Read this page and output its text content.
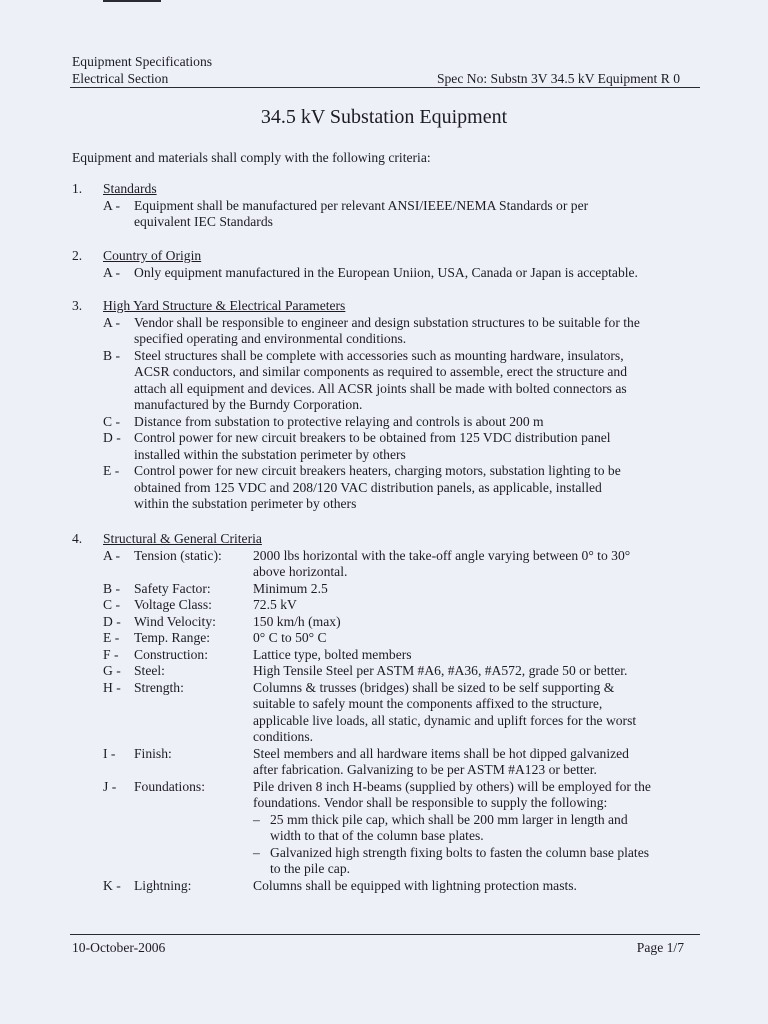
Equipment Specifications
Electrical Section	Spec No: Substn 3V 34.5 kV Equipment R 0
34.5 kV Substation Equipment
Equipment and materials shall comply with the following criteria:
1. Standards
A - Equipment shall be manufactured per relevant ANSI/IEEE/NEMA Standards or per
equivalent IEC Standards
2. Country of Origin
A - Only equipment manufactured in the European Uniion, USA, Canada or Japan is acceptable.
3. High Yard Structure & Electrical Parameters
A - Vendor shall be responsible to engineer and design substation structures to be suitable for the
specified operating and environmental conditions.
B - Steel structures shall be complete with accessories such as mounting hardware, insulators,
ACSR conductors, and similar components as required to assemble, erect the structure and
attach all equipment and devices. All ACSR joints shall be made with bolted connectors as
manufactured by the Burndy Corporation.
C - Distance from substation to protective relaying and controls is about 200 m
D - Control power for new circuit breakers to be obtained from 125 VDC distribution panel
installed within the substation perimeter by others
E - Control power for new circuit breakers heaters, charging motors, substation lighting to be
obtained from 125 VDC and 208/120 VAC distribution panels, as applicable, installed
within the substation perimeter by others
4. Structural & General Criteria
A - Tension (static): 2000 lbs horizontal with the take-off angle varying between 0° to 30°
above horizontal.
B - Safety Factor:	Minimum 2.5
C - Voltage Class:	72.5 kV
D - Wind Velocity:	150 km/h (max)
E - Temp. Range:	0° C to 50° C
F - Construction:	Lattice type, bolted members
G - Steel:	High Tensile Steel per ASTM #A6, #A36, #A572, grade 50 or better.
H - Strength:	Columns & trusses (bridges) shall be sized to be self supporting &
suitable to safely mount the components affixed to the structure,
applicable live loads, all static, dynamic and uplift forces for the worst
conditions.
I - Finish:	Steel members and all hardware items shall be hot dipped galvanized
after fabrication. Galvanizing to be per ASTM #A123 or better.
J - Foundations:	Pile driven 8 inch H-beams (supplied by others) will be employed for the
foundations. Vendor shall be responsible to supply the following:
– 25 mm thick pile cap, which shall be 200 mm larger in length and
width to that of the column base plates.
– Galvanized high strength fixing bolts to fasten the column base plates
to the pile cap.
K - Lightning:	Columns shall be equipped with lightning protection masts.
10-October-2006	Page 1/7
